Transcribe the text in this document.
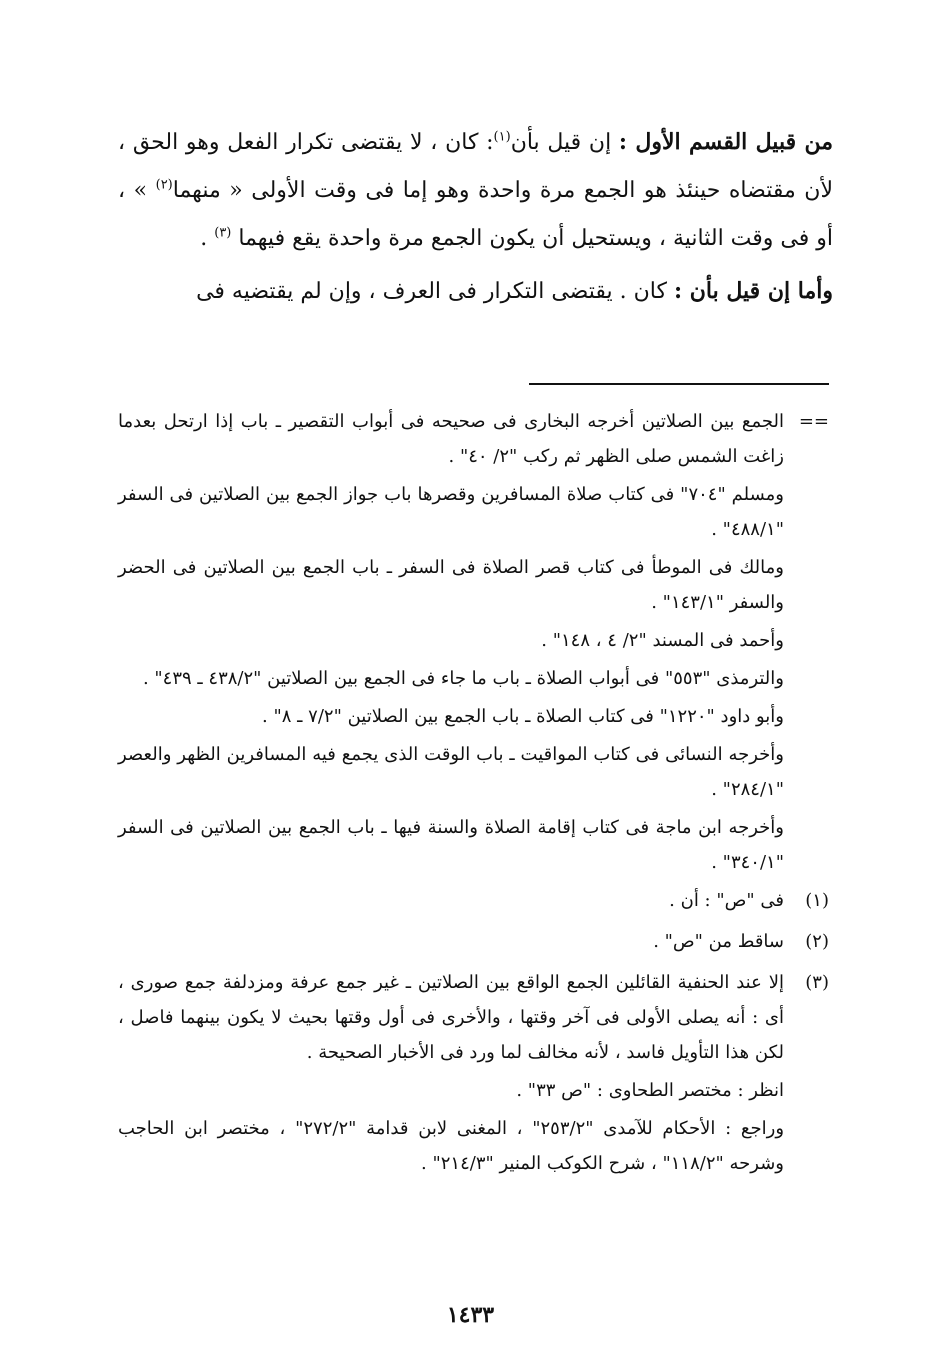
من قبيل القسم الأول : إن قيل بأن$^{(١)}$: كان ، لا يقتضى تكرار الفعل وهو الحق ، لأن مقتضاه حينئذ هو الجمع مرة واحدة وهو إما فى وقت الأولى « منهما$^{(٢)}$ » ، أو فى وقت الثانية ، ويستحيل أن يكون الجمع مرة واحدة يقع فيهما $^{(٣)}$ .

وأما إن قيل بأن : كان . يقتضى التكرار فى العرف ، وإن لم يقتضيه فى

==

الجمع بين الصلاتين أخرجه البخارى فى صحيحه فى أبواب التقصير ـ باب إذا ارتحل بعدما زاغت الشمس صلى الظهر ثم ركب "٢/ ٤٠" .

ومسلم "٧٠٤" فى كتاب صلاة المسافرين وقصرها باب جواز الجمع بين الصلاتين فى السفر "٤٨٨/١" .

ومالك فى الموطأ فى كتاب قصر الصلاة فى السفر ـ باب الجمع بين الصلاتين فى الحضر والسفر "١٤٣/١" .

وأحمد فى المسند "٢/ ٤ ، ١٤٨" .

والترمذى "٥٥٣" فى أبواب الصلاة ـ باب ما جاء فى الجمع بين الصلاتين "٤٣٨/٢ ـ ٤٣٩" .

وأبو داود "١٢٢٠" فى كتاب الصلاة ـ باب الجمع بين الصلاتين "٧/٢ ـ ٨" .

وأخرجه النسائى فى كتاب المواقيت ـ باب الوقت الذى يجمع فيه المسافرين الظهر والعصر "٢٨٤/١" .

وأخرجه ابن ماجة فى كتاب إقامة الصلاة والسنة فيها ـ باب الجمع بين الصلاتين فى السفر "٣٤٠/١" .

(١)

فى "ص" : أن .

(٢)

ساقط من "ص" .

(٣)

إلا عند الحنفية القائلين الجمع الواقع بين الصلاتين ـ غير جمع عرفة ومزدلفة جمع صورى ، أى : أنه يصلى الأولى فى آخر وقتها ، والأخرى فى أول وقتها بحيث لا يكون بينهما فاصل ، لكن هذا التأويل فاسد ، لأنه مخالف لما ورد فى الأخبار الصحيحة .

انظر : مختصر الطحاوى : "ص ٣٣" .

وراجع : الأحكام للآمدى "٢٥٣/٢" ، المغنى لابن قدامة "٢٧٢/٢" ، مختصر ابن الحاجب وشرحه "١١٨/٢" ، شرح الكوكب المنير "٢١٤/٣" .

١٤٣٣
